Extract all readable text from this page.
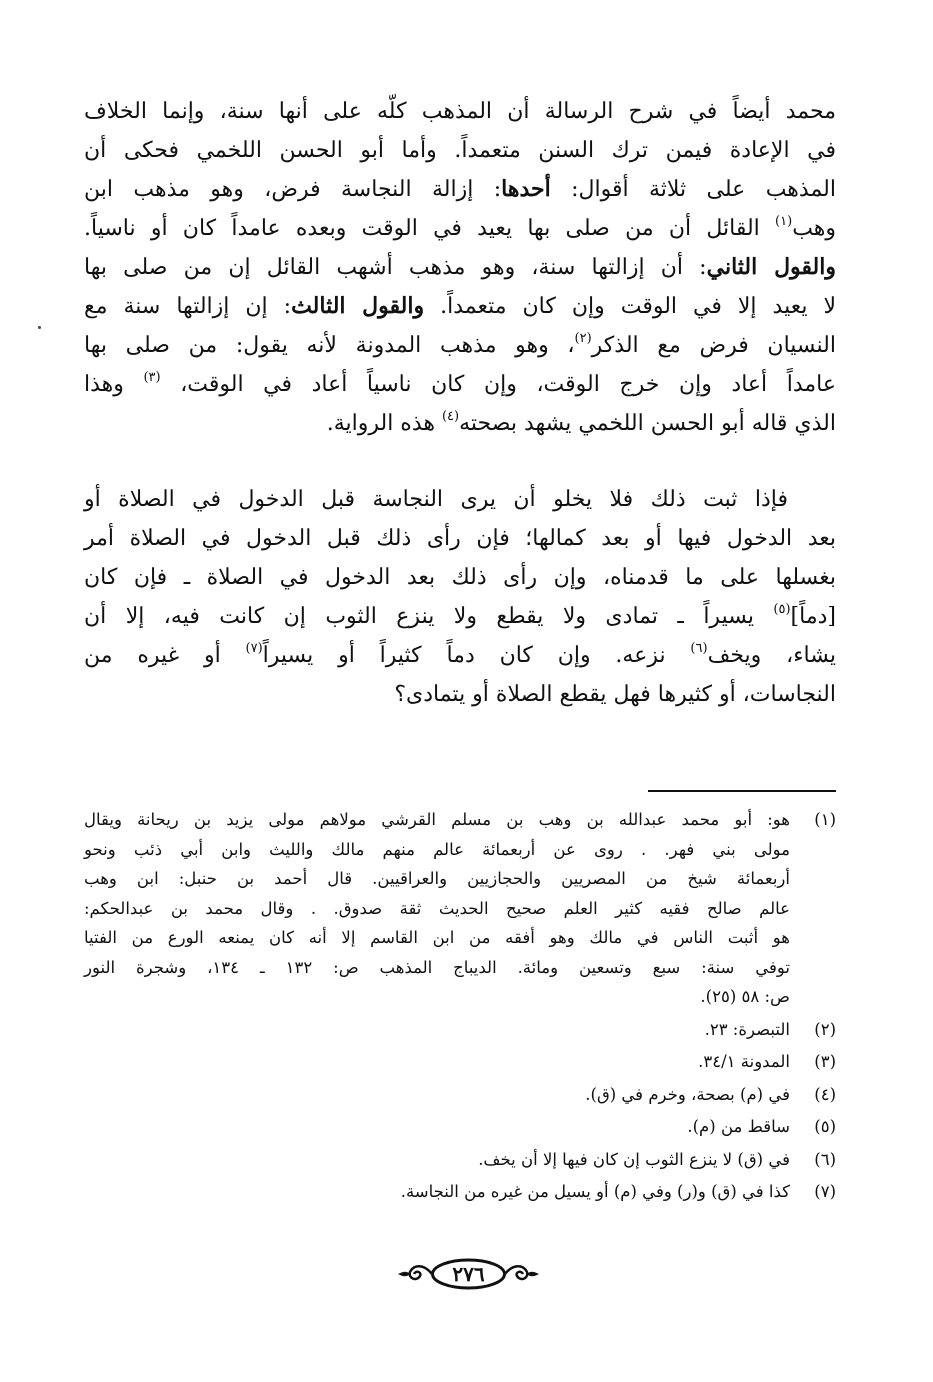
محمد أيضاً في شرح الرسالة أن المذهب كلّه على أنها سنة، وإنما الخلاف
في الإعادة فيمن ترك السنن متعمداً. وأما أبو الحسن اللخمي فحكى أن
المذهب على ثلاثة أقوال: أحدها: إزالة النجاسة فرض، وهو مذهب ابن
وهب$^{(١)}$ القائل أن من صلى بها يعيد في الوقت وبعده عامداً كان أو ناسياً.
والقول الثاني: أن إزالتها سنة، وهو مذهب أشهب القائل إن من صلى بها
لا يعيد إلا في الوقت وإن كان متعمداً. والقول الثالث: إن إزالتها سنة مع
النسيان فرض مع الذكر$^{(٢)}$، وهو مذهب المدونة لأنه يقول: من صلى بها
عامداً أعاد وإن خرج الوقت، وإن كان ناسياً أعاد في الوقت، $^{(٣)}$ وهذا
الذي قاله أبو الحسن اللخمي يشهد بصحته$^{(٤)}$ هذه الرواية.

فإذا ثبت ذلك فلا يخلو أن يرى النجاسة قبل الدخول في الصلاة أو
بعد الدخول فيها أو بعد كمالها؛ فإن رأى ذلك قبل الدخول في الصلاة أمر
بغسلها على ما قدمناه، وإن رأى ذلك بعد الدخول في الصلاة ـ فإن كان
[دماً]$^{(٥)}$ يسيراً ـ تمادى ولا يقطع ولا ينزع الثوب إن كانت فيه، إلا أن
يشاء، ويخف$^{(٦)}$ نزعه. وإن كان دماً كثيراً أو يسيراً$^{(٧)}$ أو غيره من
النجاسات، أو كثيرها فهل يقطع الصلاة أو يتمادى؟

(١)
هو: أبو محمد عبدالله بن وهب بن مسلم القرشي مولاهم مولى يزيد بن ريحانة ويقال
مولى بني فهر. . روى عن أربعمائة عالم منهم مالك والليث وابن أبي ذئب ونحو
أربعمائة شيخ من المصريين والحجازيين والعراقيين. قال أحمد بن حنبل: ابن وهب
عالم صالح فقيه كثير العلم صحيح الحديث ثقة صدوق. . وقال محمد بن عبدالحكم:
هو أثبت الناس في مالك وهو أفقه من ابن القاسم إلا أنه كان يمنعه الورع من الفتيا
توفي سنة: سبع وتسعين ومائة. الديباج المذهب ص: ١٣٢ ـ ١٣٤، وشجرة النور
ص: ٥٨ (٢٥).
(٢)
التبصرة: ٢٣.
(٣)
المدونة ٣٤/١.
(٤)
في (م) بصحة، وخرم في (ق).
(٥)
ساقط من (م).
(٦)
في (ق) لا ينزع الثوب إن كان فيها إلا أن يخف.
(٧)
كذا في (ق) و(ر) وفي (م) أو يسيل من غيره من النجاسة.
٢٧٦
